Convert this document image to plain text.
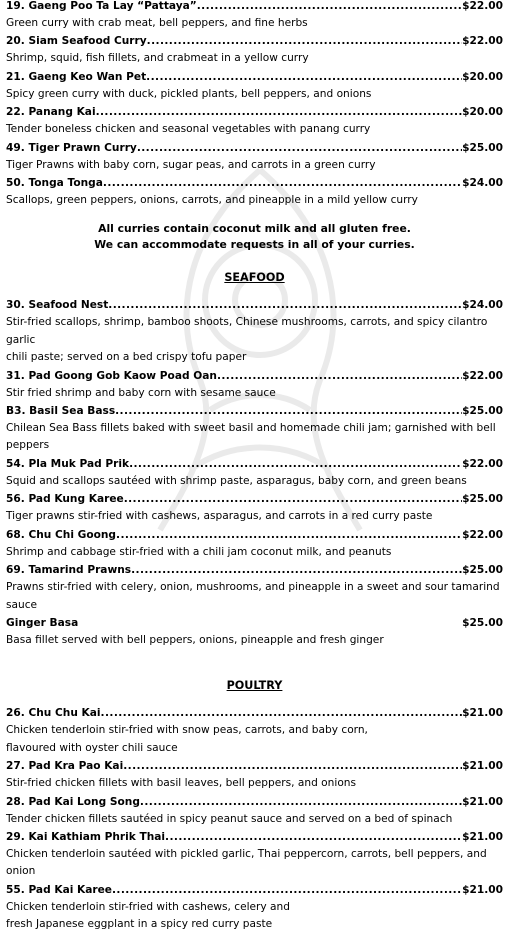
19. Gaeng Poo Ta Lay “Pattaya” .....	$22.00

Green curry with crab meat, bell peppers, and fine herbs

20. Siam Seafood Curry .....	$22.00

Shrimp, squid, fish fillets, and crabmeat in a yellow curry

21. Gaeng Keo Wan Pet .....	$20.00

Spicy green curry with duck, pickled plants, bell peppers, and onions

22. Panang Kai .....	$20.00

Tender boneless chicken and seasonal vegetables with panang curry

49. Tiger Prawn Curry .....	$25.00

Tiger Prawns with baby corn, sugar peas, and carrots in a green curry

50. Tonga Tonga .....	$24.00

Scallops, green peppers, onions, carrots, and pineapple in a mild yellow curry

All curries contain coconut milk and all gluten free.
We can accommodate requests in all of your curries.
SEAFOOD
30. Seafood Nest .....	$24.00

Stir-fried scallops, shrimp, bamboo shoots, Chinese mushrooms, carrots, and spicy cilantro garlic
chili paste; served on a bed crispy tofu paper

31. Pad Goong Gob Kaow Poad Oan .....	$22.00

Stir fried shrimp and baby corn with sesame sauce

B3. Basil Sea Bass .....	$25.00

Chilean Sea Bass fillets baked with sweet basil and homemade chili jam; garnished with bell peppers

54. Pla Muk Pad Prik .....	$22.00

Squid and scallops sautéed with shrimp paste, asparagus, baby corn, and green beans

56. Pad Kung Karee .....	$25.00

Tiger prawns stir-fried with cashews, asparagus, and carrots in a red curry paste

68. Chu Chi Goong .....	$22.00

Shrimp and cabbage stir-fried with a chili jam coconut milk, and peanuts

69. Tamarind Prawns .....	$25.00

Prawns stir-fried with celery, onion, mushrooms, and pineapple in a sweet and sour tamarind sauce

Ginger Basa	$25.00

Basa fillet served with bell peppers, onions, pineapple and fresh ginger

POULTRY
26. Chu Chu Kai .....	$21.00

Chicken tenderloin stir-fried with snow peas, carrots, and baby corn,
flavoured with oyster chili sauce

27. Pad Kra Pao Kai .....	$21.00

Stir-fried chicken fillets with basil leaves, bell peppers, and onions

28. Pad Kai Long Song .....	$21.00

Tender chicken fillets sautéed in spicy peanut sauce and served on a bed of spinach

29. Kai Kathiam Phrik Thai .....	$21.00

Chicken tenderloin sautéed with pickled garlic, Thai peppercorn, carrots, bell peppers, and onion

55. Pad Kai Karee .....	$21.00

Chicken tenderloin stir-fried with cashews, celery and
fresh Japanese eggplant in a spicy red curry paste
